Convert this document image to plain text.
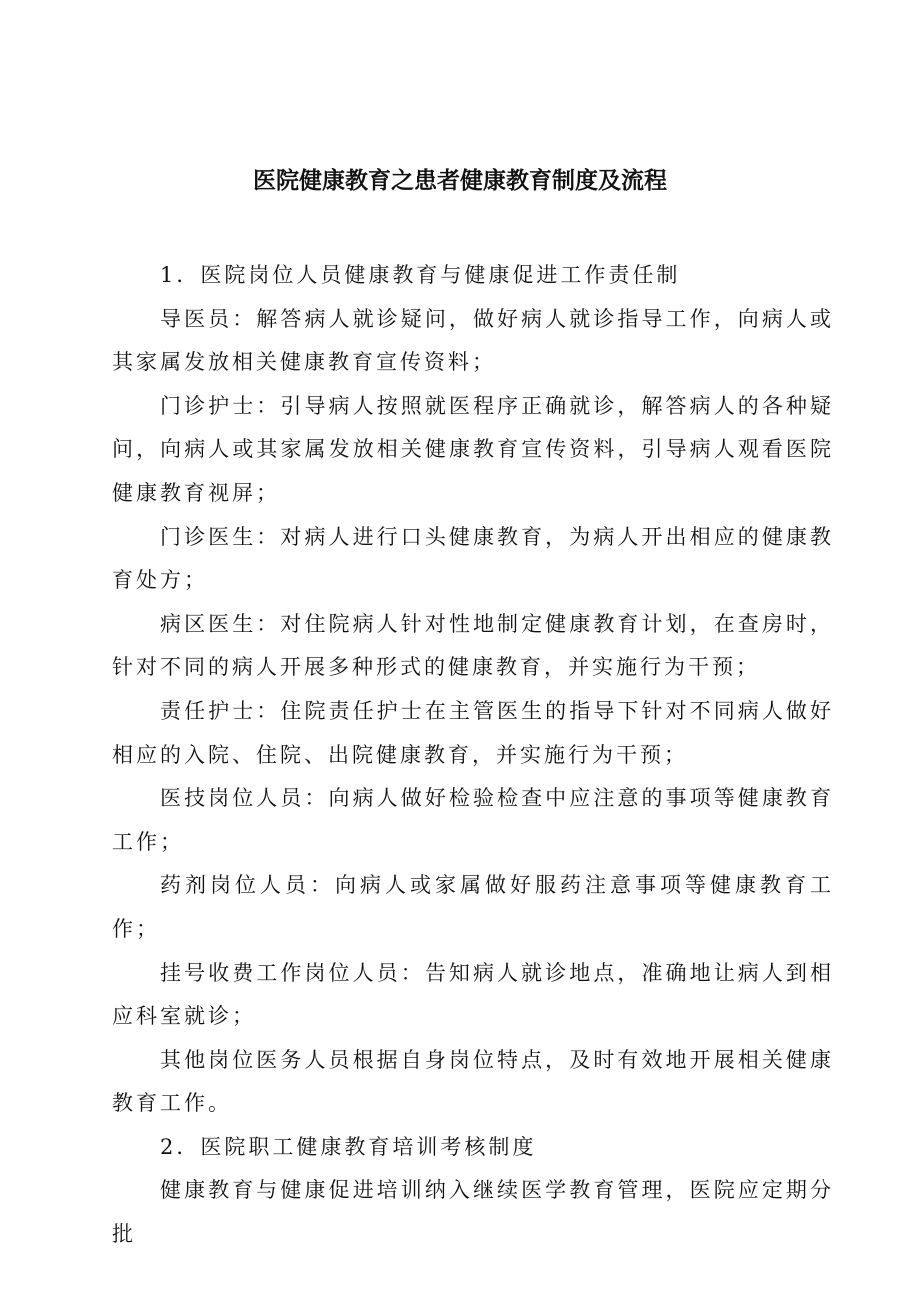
医院健康教育之患者健康教育制度及流程

1．医院岗位人员健康教育与健康促进工作责任制

导医员：解答病人就诊疑问，做好病人就诊指导工作，向病人或其家属发放相关健康教育宣传资料；

门诊护士：引导病人按照就医程序正确就诊，解答病人的各种疑问，向病人或其家属发放相关健康教育宣传资料，引导病人观看医院健康教育视屏；

门诊医生：对病人进行口头健康教育，为病人开出相应的健康教育处方；

病区医生：对住院病人针对性地制定健康教育计划，在查房时，针对不同的病人开展多种形式的健康教育，并实施行为干预；

责任护士：住院责任护士在主管医生的指导下针对不同病人做好相应的入院、住院、出院健康教育，并实施行为干预；

医技岗位人员：向病人做好检验检查中应注意的事项等健康教育工作；

药剂岗位人员：向病人或家属做好服药注意事项等健康教育工作；

挂号收费工作岗位人员：告知病人就诊地点，准确地让病人到相应科室就诊；

其他岗位医务人员根据自身岗位特点，及时有效地开展相关健康教育工作。

2．医院职工健康教育培训考核制度

健康教育与健康促进培训纳入继续医学教育管理，医院应定期分批
